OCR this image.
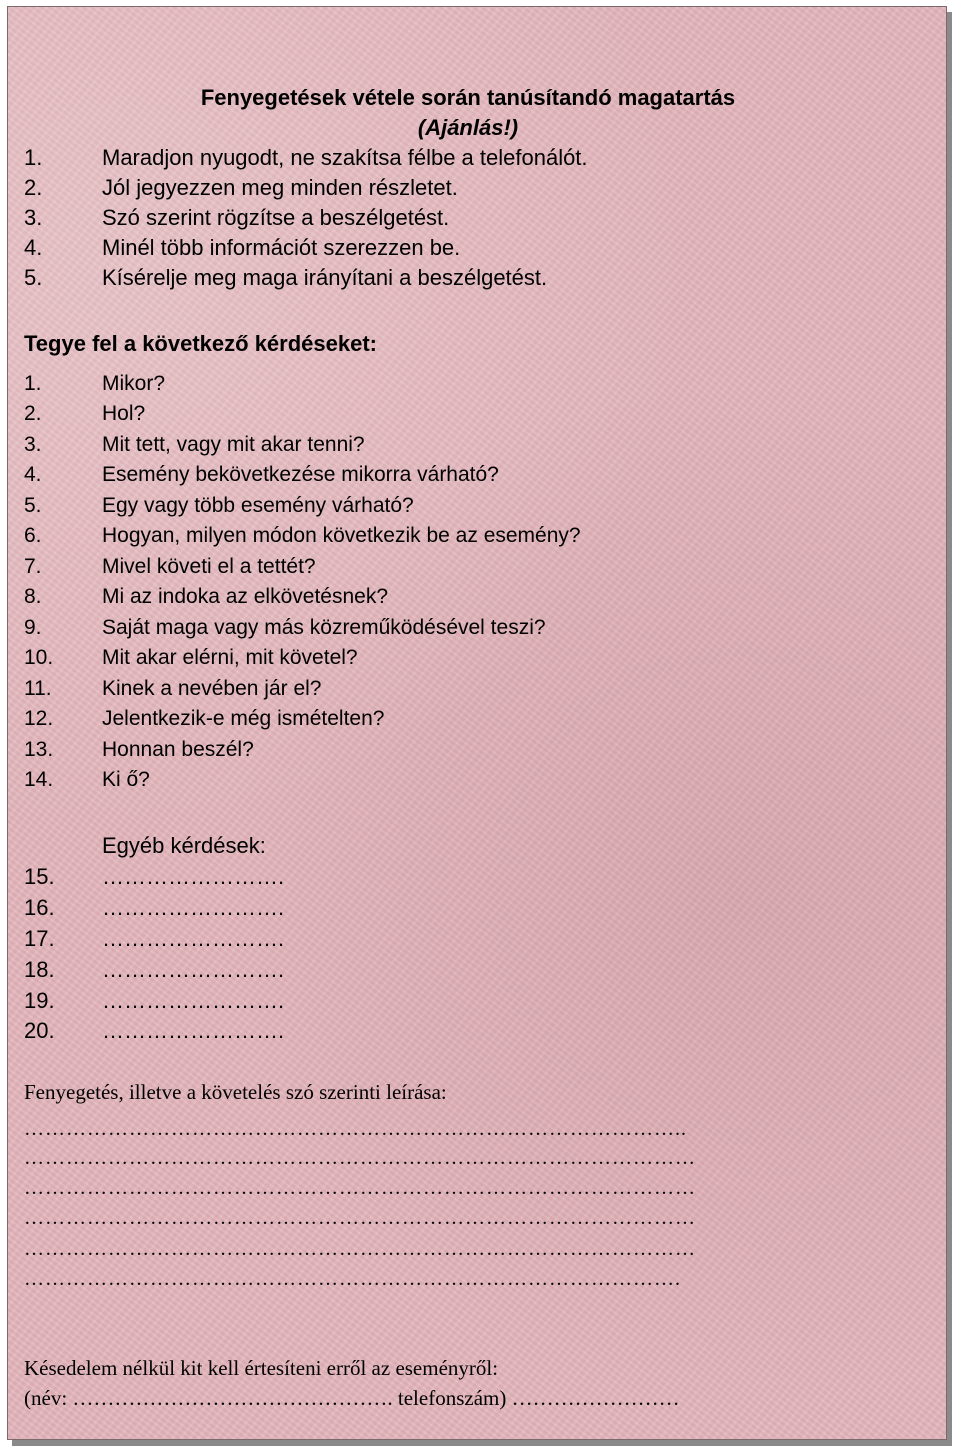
Fenyegetések vétele során tanúsítandó magatartás
(Ajánlás!)
1.	Maradjon nyugodt, ne szakítsa félbe a telefonálót.
2.	Jól jegyezzen meg minden részletet.
3.	Szó szerint rögzítse a beszélgetést.
4.	Minél több információt szerezzen be.
5.	Kísérelje meg maga irányítani a beszélgetést.
Tegye fel a következő kérdéseket:
1.	Mikor?
2.	Hol?
3.	Mit tett, vagy mit akar tenni?
4.	Esemény bekövetkezése mikorra várható?
5.	Egy vagy több esemény várható?
6.	Hogyan, milyen módon következik be az esemény?
7.	Mivel követi el a tettét?
8.	Mi az indoka az elkövetésnek?
9.	Saját maga vagy más közreműködésével teszi?
10. Mit akar elérni, mit követel?
11. Kinek a nevében jár el?
12. Jelentkezik-e még ismételten?
13. Honnan beszél?
14. Ki ő?
Egyéb kérdések:
15. …………………….
16. …………………….
17. …………………….
18. …………………….
19. …………………….
20. …………………….
Fenyegetés, illetve a követelés szó szerinti leírása:
…………………………………………………………………………………..
……………………………………………………………………………………
……………………………………………………………………………………
……………………………………………………………………………………
……………………………………………………………………………………
………………………………………………………………………………….
Késedelem nélkül kit kell értesíteni erről az eseményről:
(név: ………………………………………. telefonszám) ……………………
